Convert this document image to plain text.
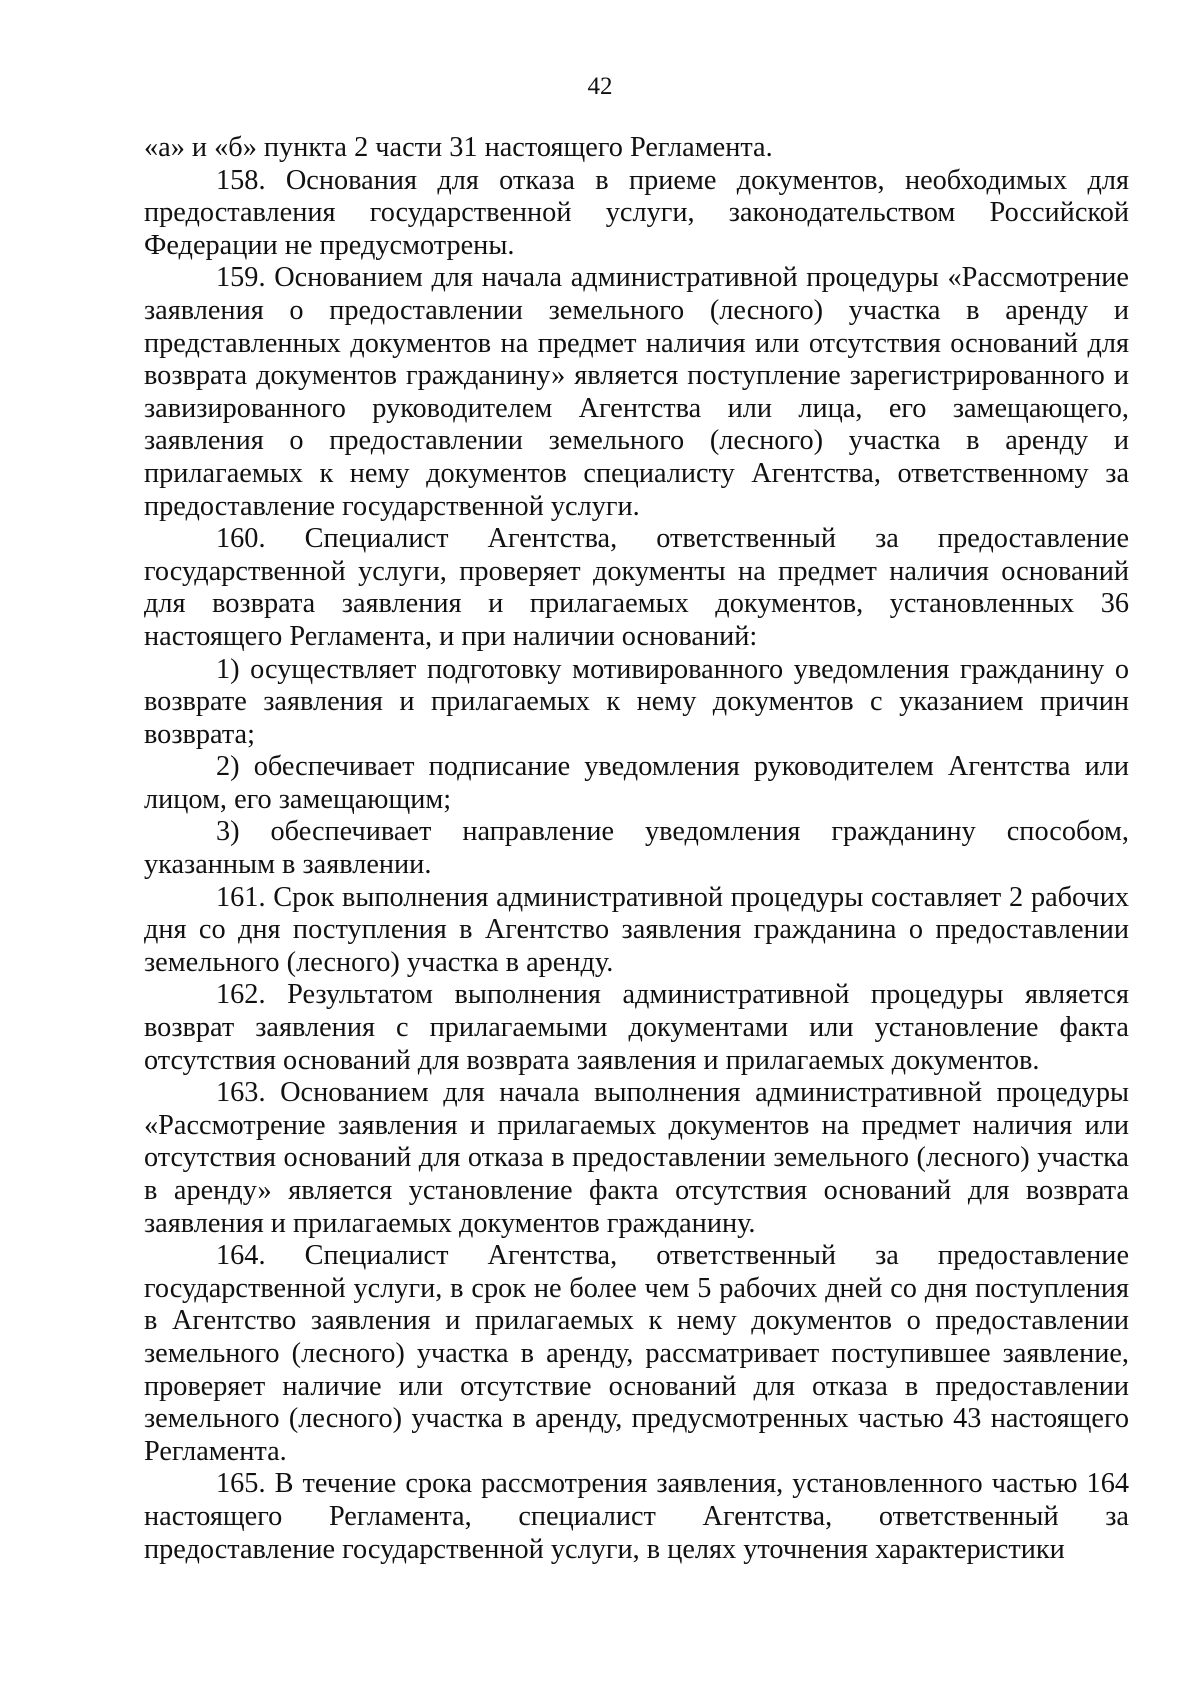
42

«а» и «б» пункта 2 части 31 настоящего Регламента.

158. Основания для отказа в приеме документов, необходимых для предоставления государственной услуги, законодательством Российской Федерации не предусмотрены.

159. Основанием для начала административной процедуры «Рассмотрение заявления о предоставлении земельного (лесного) участка в аренду и представленных документов на предмет наличия или отсутствия оснований для возврата документов гражданину» является поступление зарегистрированного и завизированного руководителем Агентства или лица, его замещающего, заявления о предоставлении земельного (лесного) участка в аренду и прилагаемых к нему документов специалисту Агентства, ответственному за предоставление государственной услуги.

160. Специалист Агентства, ответственный за предоставление государственной услуги, проверяет документы на предмет наличия оснований для возврата заявления и прилагаемых документов, установленных 36 настоящего Регламента, и при наличии оснований:

1) осуществляет подготовку мотивированного уведомления гражданину о возврате заявления и прилагаемых к нему документов с указанием причин возврата;

2) обеспечивает подписание уведомления руководителем Агентства или лицом, его замещающим;

3) обеспечивает направление уведомления гражданину способом, указанным в заявлении.

161. Срок выполнения административной процедуры составляет 2 рабочих дня со дня поступления в Агентство заявления гражданина о предоставлении земельного (лесного) участка в аренду.

162. Результатом выполнения административной процедуры является возврат заявления с прилагаемыми документами или установление факта отсутствия оснований для возврата заявления и прилагаемых документов.

163. Основанием для начала выполнения административной процедуры «Рассмотрение заявления и прилагаемых документов на предмет наличия или отсутствия оснований для отказа в предоставлении земельного (лесного) участка в аренду» является установление факта отсутствия оснований для возврата заявления и прилагаемых документов гражданину.

164. Специалист Агентства, ответственный за предоставление государственной услуги, в срок не более чем 5 рабочих дней со дня поступления в Агентство заявления и прилагаемых к нему документов о предоставлении земельного (лесного) участка в аренду, рассматривает поступившее заявление, проверяет наличие или отсутствие оснований для отказа в предоставлении земельного (лесного) участка в аренду, предусмотренных частью 43 настоящего Регламента.

165. В течение срока рассмотрения заявления, установленного частью 164 настоящего Регламента, специалист Агентства, ответственный за предоставление государственной услуги, в целях уточнения характеристики
